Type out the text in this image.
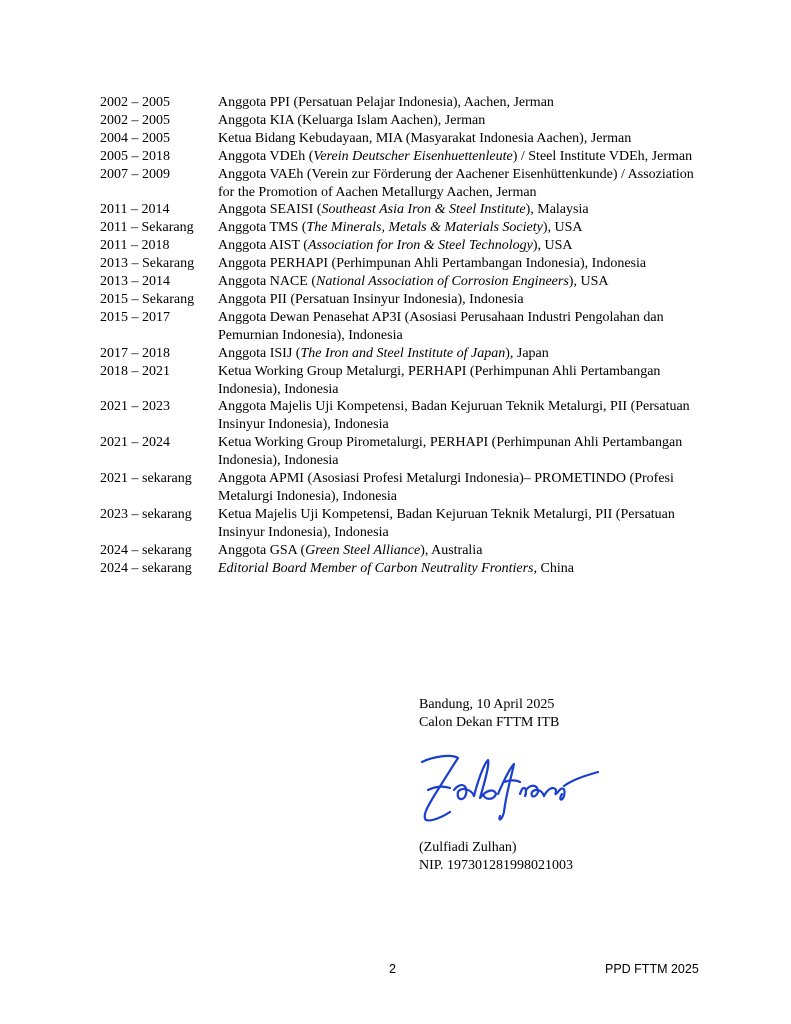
2002 – 2005	Anggota PPI (Persatuan Pelajar Indonesia), Aachen, Jerman
2002 – 2005	Anggota KIA (Keluarga Islam Aachen), Jerman
2004 – 2005	Ketua Bidang Kebudayaan, MIA (Masyarakat Indonesia Aachen), Jerman
2005 – 2018	Anggota VDEh (Verein Deutscher Eisenhuettenleute) / Steel Institute VDEh, Jerman
2007 – 2009	Anggota VAEh (Verein zur Förderung der Aachener Eisenhüttenkunde) / Assoziation for the Promotion of Aachen Metallurgy Aachen, Jerman
2011 – 2014	Anggota SEAISI (Southeast Asia Iron & Steel Institute), Malaysia
2011 – Sekarang	Anggota TMS (The Minerals, Metals & Materials Society), USA
2011 – 2018	Anggota AIST (Association for Iron & Steel Technology), USA
2013 – Sekarang	Anggota PERHAPI (Perhimpunan Ahli Pertambangan Indonesia), Indonesia
2013 – 2014	Anggota NACE (National Association of Corrosion Engineers), USA
2015 – Sekarang	Anggota PII (Persatuan Insinyur Indonesia), Indonesia
2015 – 2017	Anggota Dewan Penasehat AP3I (Asosiasi Perusahaan Industri Pengolahan dan Pemurnian Indonesia), Indonesia
2017 – 2018	Anggota ISIJ (The Iron and Steel Institute of Japan), Japan
2018 – 2021	Ketua Working Group Metalurgi, PERHAPI (Perhimpunan Ahli Pertambangan Indonesia), Indonesia
2021 – 2023	Anggota Majelis Uji Kompetensi, Badan Kejuruan Teknik Metalurgi, PII (Persatuan Insinyur Indonesia), Indonesia
2021 – 2024	Ketua Working Group Pirometalurgi, PERHAPI (Perhimpunan Ahli Pertambangan Indonesia), Indonesia
2021 – sekarang	Anggota APMI (Asosiasi Profesi Metalurgi Indonesia)– PROMETINDO (Profesi Metalurgi Indonesia), Indonesia
2023 – sekarang	Ketua Majelis Uji Kompetensi, Badan Kejuruan Teknik Metalurgi, PII (Persatuan Insinyur Indonesia), Indonesia
2024 – sekarang	Anggota GSA (Green Steel Alliance), Australia
2024 – sekarang	Editorial Board Member of Carbon Neutrality Frontiers, China
Bandung, 10 April 2025
Calon Dekan FTTM ITB
(Zulfiadi Zulhan)
NIP. 197301281998021003
2	PPD FTTM 2025
